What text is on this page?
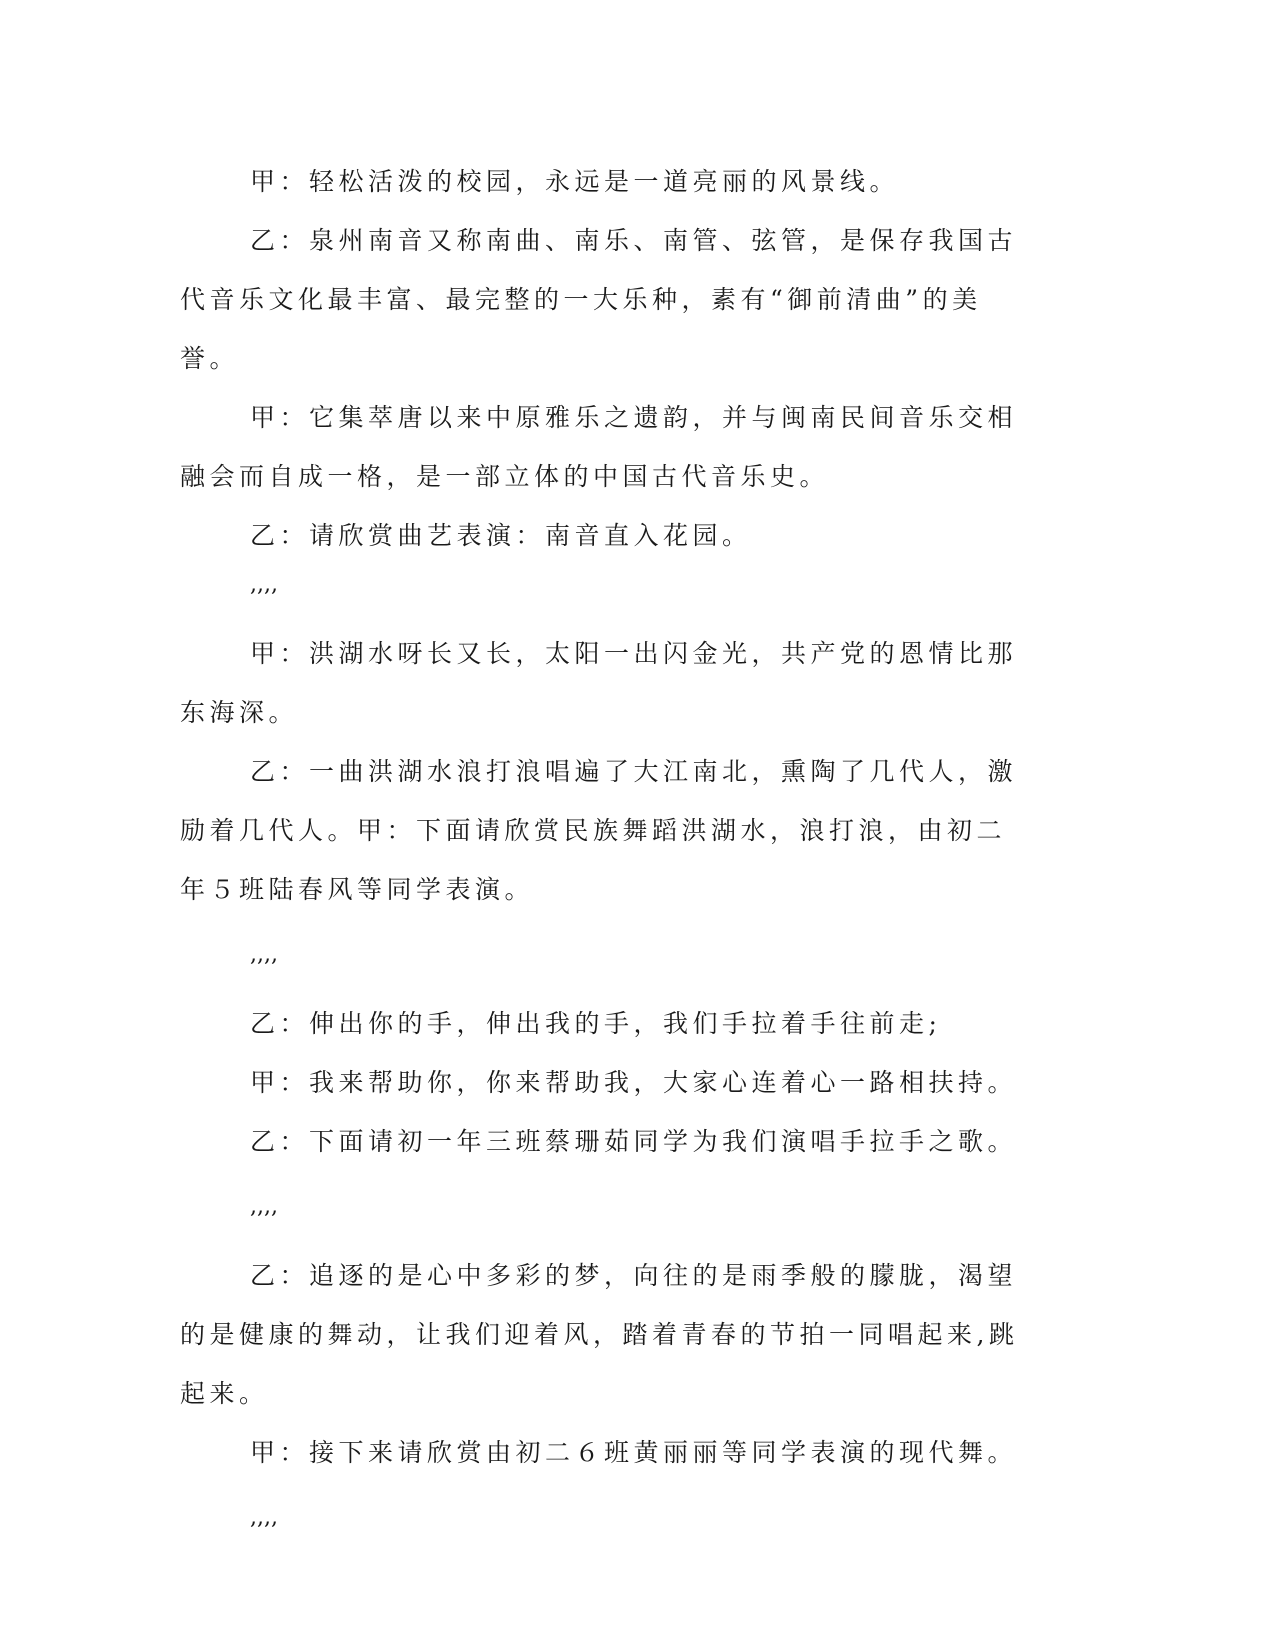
甲：轻松活泼的校园，永远是一道亮丽的风景线。

乙：泉州南音又称南曲、南乐、南管、弦管，是保存我国古代音乐文化最丰富、最完整的一大乐种，素有“御前清曲”的美誉。

甲：它集萃唐以来中原雅乐之遗韵，并与闽南民间音乐交相融会而自成一格，是一部立体的中国古代音乐史。

乙：请欣赏曲艺表演：南音直入花园。

,,,,

甲：洪湖水呀长又长，太阳一出闪金光，共产党的恩情比那东海深。

乙：一曲洪湖水浪打浪唱遍了大江南北，熏陶了几代人，激励着几代人。甲：下面请欣赏民族舞蹈洪湖水，浪打浪，由初二年５班陆春风等同学表演。

,,,,

乙：伸出你的手，伸出我的手，我们手拉着手往前走;

甲：我来帮助你，你来帮助我，大家心连着心一路相扶持。

乙：下面请初一年三班蔡珊茹同学为我们演唱手拉手之歌。

,,,,

乙：追逐的是心中多彩的梦，向往的是雨季般的朦胧，渴望的是健康的舞动，让我们迎着风，踏着青春的节拍一同唱起来,跳起来。

甲：接下来请欣赏由初二６班黄丽丽等同学表演的现代舞。

,,,,
